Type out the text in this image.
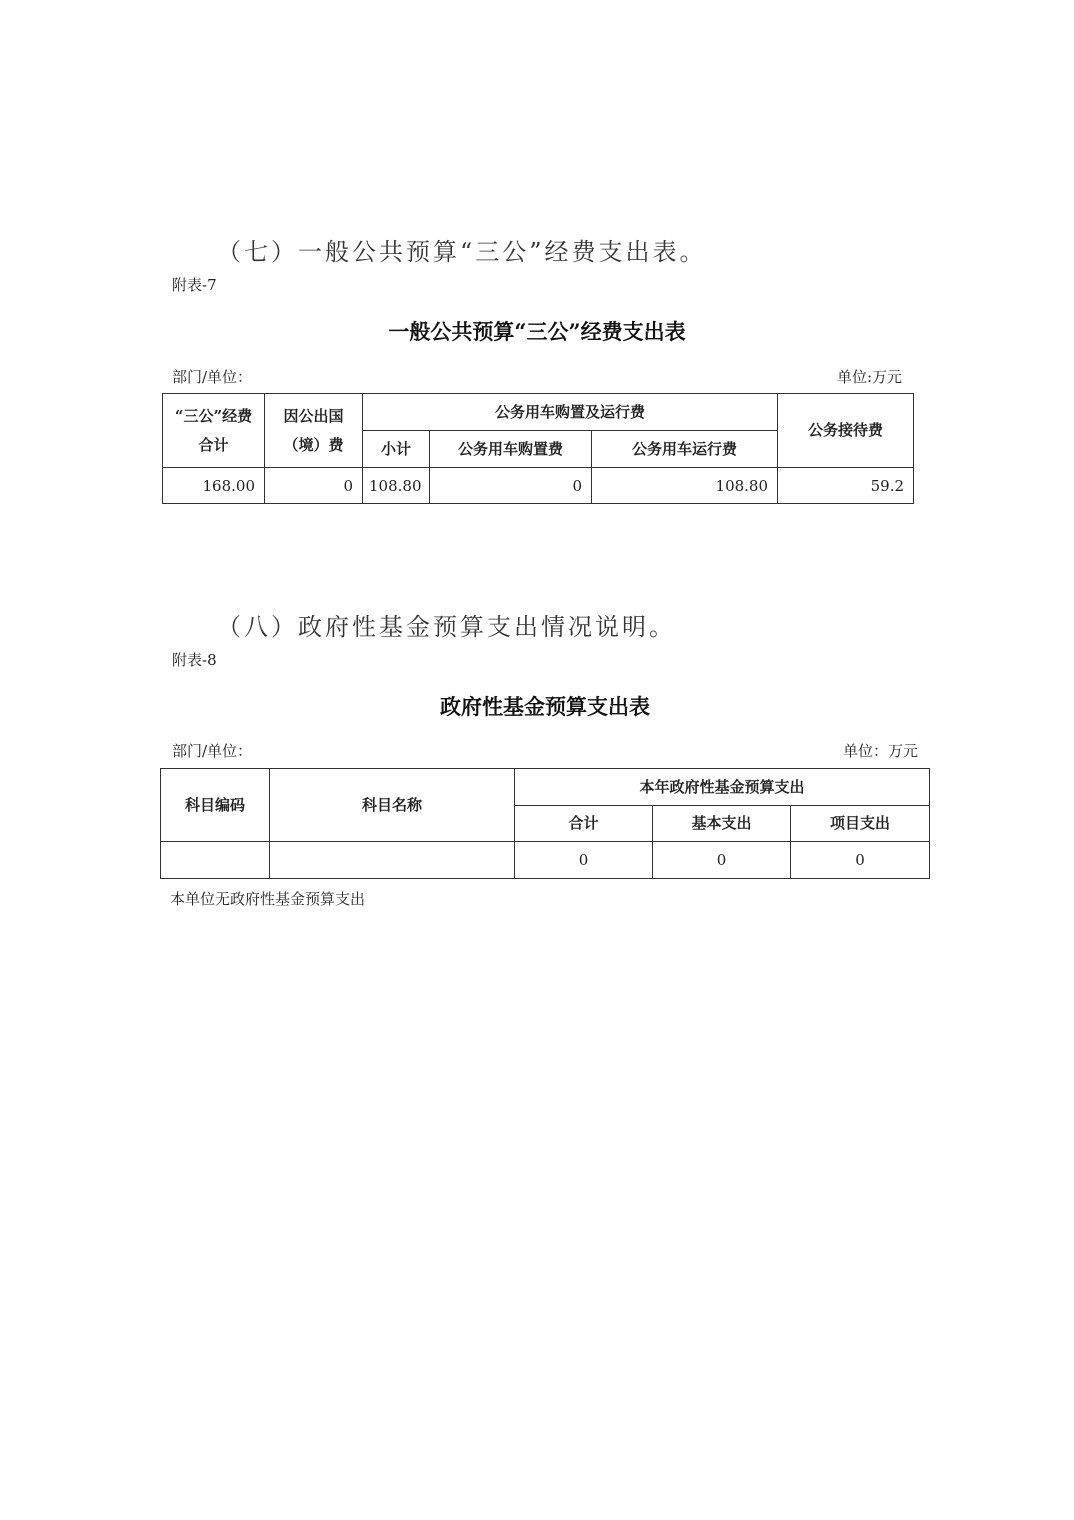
（七）一般公共预算“三公”经费支出表。
附表-7
一般公共预算“三公”经费支出表
部门/单位：	单位:万元
“三公”经费合计	因公出国（境）费	公务用车购置及运行费			公务接待费
		小计	公务用车购置费	公务用车运行费	
168.00	0	108.80	0	108.80	59.2
（八）政府性基金预算支出情况说明。
附表-8
政府性基金预算支出表
部门/单位：	单位：万元
科目编码	科目名称	本年政府性基金预算支出		
		合计	基本支出	项目支出
		0	0	0
本单位无政府性基金预算支出
